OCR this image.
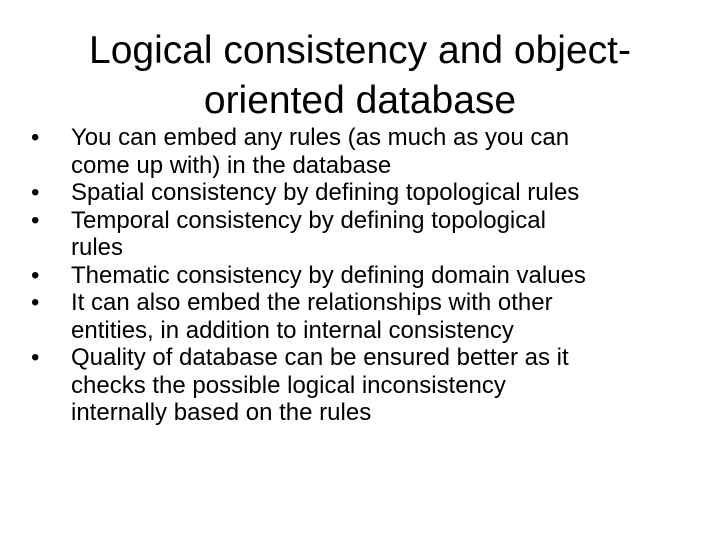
Logical consistency and object-
oriented database
• You can embed any rules (as much as you can
come up with) in the database
• Spatial consistency by defining topological rules
• Temporal consistency by defining topological
rules
• Thematic consistency by defining domain values
• It can also embed the relationships with other
entities, in addition to internal consistency
• Quality of database can be ensured better as it
checks the possible logical inconsistency
internally based on the rules
